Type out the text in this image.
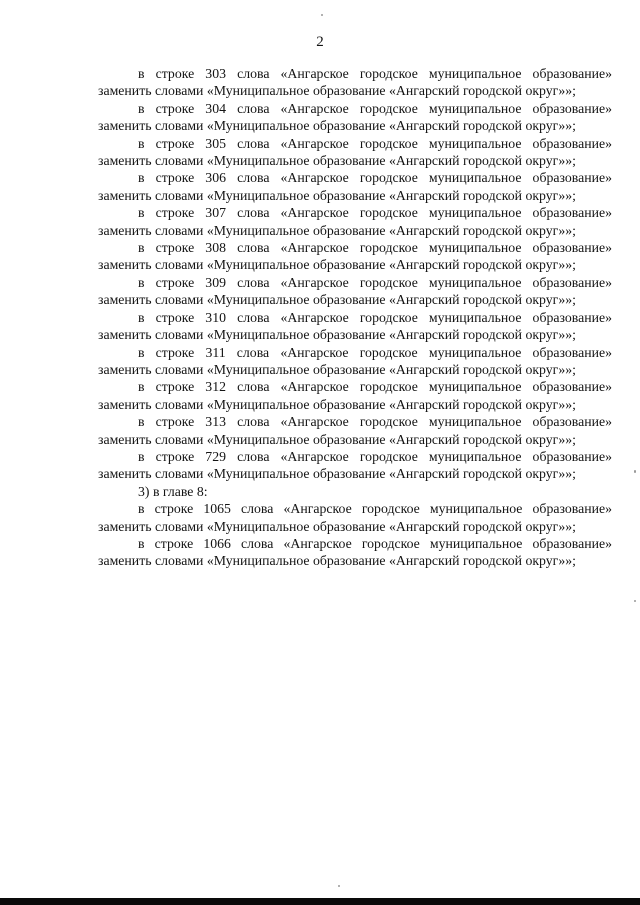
2

в строке 303 слова «Ангарское городское муниципальное образование» заменить словами «Муниципальное образование «Ангарский городской округ»»;

в строке 304 слова «Ангарское городское муниципальное образование» заменить словами «Муниципальное образование «Ангарский городской округ»»;

в строке 305 слова «Ангарское городское муниципальное образование» заменить словами «Муниципальное образование «Ангарский городской округ»»;

в строке 306 слова «Ангарское городское муниципальное образование» заменить словами «Муниципальное образование «Ангарский городской округ»»;

в строке 307 слова «Ангарское городское муниципальное образование» заменить словами «Муниципальное образование «Ангарский городской округ»»;

в строке 308 слова «Ангарское городское муниципальное образование» заменить словами «Муниципальное образование «Ангарский городской округ»»;

в строке 309 слова «Ангарское городское муниципальное образование» заменить словами «Муниципальное образование «Ангарский городской округ»»;

в строке 310 слова «Ангарское городское муниципальное образование» заменить словами «Муниципальное образование «Ангарский городской округ»»;

в строке 311 слова «Ангарское городское муниципальное образование» заменить словами «Муниципальное образование «Ангарский городской округ»»;

в строке 312 слова «Ангарское городское муниципальное образование» заменить словами «Муниципальное образование «Ангарский городской округ»»;

в строке 313 слова «Ангарское городское муниципальное образование» заменить словами «Муниципальное образование «Ангарский городской округ»»;

в строке 729 слова «Ангарское городское муниципальное образование» заменить словами «Муниципальное образование «Ангарский городской округ»»;

3) в главе 8:

в строке 1065 слова «Ангарское городское муниципальное образование» заменить словами «Муниципальное образование «Ангарский городской округ»»;

в строке 1066 слова «Ангарское городское муниципальное образование» заменить словами «Муниципальное образование «Ангарский городской округ»»;
